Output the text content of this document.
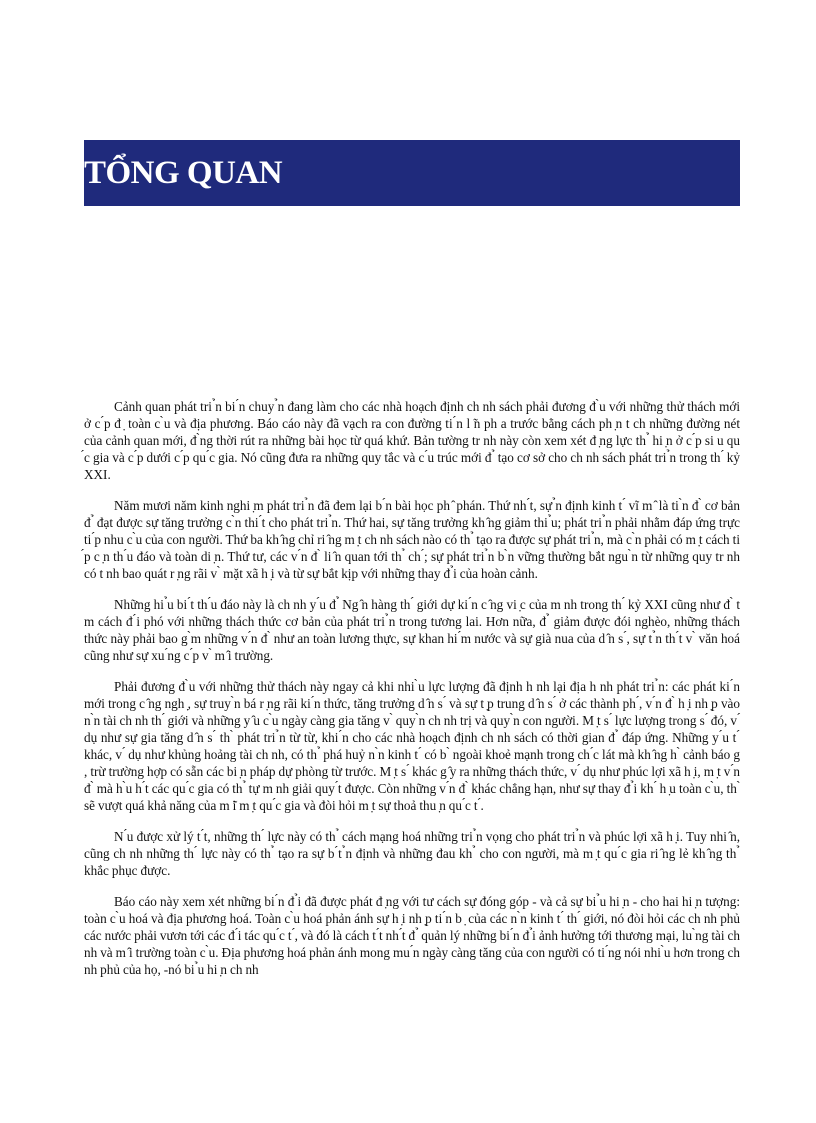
TỔNG QUAN

Cảnh quan phát tri ̉n bi ́n chuy ̉n đang làm cho các nhà hoạch định ch nh sách phải đương đ ̀u với những thử thách mới ở c ́p đ ̣ toàn c ̀u và địa phương. Báo cáo này đã vạch ra con đường ti ́n l ̃n ph a trước bằng cách ph ̣n t ch những đường nét của cảnh quan mới, đ ̀ng thời rút ra những bài học từ quá khứ. Bản tường tr nh này còn xem xét đ ̣ng lực th ̉ hi ̣n ở c ́p si u qu ́c gia và c ́p dưới c ́p qu ́c gia. Nó cũng đưa ra những quy tắc và c ́u trúc mới đ ̉ tạo cơ sở cho ch nh sách phát tri ̉n trong th ́ kỷ XXI.

Năm mươi năm kinh nghi ̣m phát tri ̉n đã đem lại b ́n bài học ph ̂ phán. Thứ nh ́t, sự ̉n định kinh t ́ vĩ m ̂ là ti ̀n đ ̀ cơ bản đ ̉ đạt được sự tăng trưởng c ̀n thi ́t cho phát tri ̉n. Thứ hai, sự tăng trưởng kh ̂ng giảm thi ̉u; phát tri ̉n phải nhằm đáp ứng trực ti ́p nhu c ̀u của con người. Thứ ba kh ̂ng chỉ ri ̂ng m ̣t ch nh sách nào có th ̉ tạo ra được sự phát tri ̉n, mà c ̀n phải có m ̣t cách ti ́p c ̣n th ́u đáo và toàn di ̣n. Thứ tư, các v ́n đ ̀ li ̂n quan tới th ̉ ch ́; sự phát tri ̉n b ̀n vững thường bắt ngu ̀n từ những quy tr nh có t nh bao quát r ̣ng rãi v ̀ mặt xã h ̣i và từ sự bắt kịp với những thay đ ̉i của hoàn cảnh.

Những hi ̉u bi ́t th ́u đáo này là ch nh y ́u đ ̉ Ng ̂n hàng th ́ giới dự ki ́n c ̂ng vi ̣c của m nh trong th ́ kỷ XXI cũng như đ ̀ t m cách đ ́i phó với những thách thức cơ bản của phát tri ̉n trong tương lai. Hơn nữa, đ ̉ giảm được đói nghèo, những thách thức này phải bao g ̀m những v ́n đ ̀ như an toàn lương thực, sự khan hi ́m nước và sự già nua của d ̂n s ́, sự t ̉n th ́t v ̀ văn hoá cũng như sự xu ́ng c ́p v ̀ m ̂i trường.

Phải đương đ ̀u với những thử thách này ngay cả khi nhi ̀u lực lượng đã định h nh lại địa h nh phát tri ̉n: các phát ki ́n mới trong c ̂ng ngh ̣, sự truy ̀n bá r ̣ng rãi ki ́n thức, tăng trưởng d ̂n s ́ và sự t ̣p trung d ̂n s ́ ở các thành ph ́, v ́n đ ̀ h ̣i nh ̣p vào n ̀n tài ch nh th ́ giới và những y ̂u c ̀u ngày càng gia tăng v ̀ quy ̀n ch nh trị và quy ̀n con người. M ̣t s ́ lực lượng trong s ́ đó, v ́ dụ như sự gia tăng d ̂n s ́ th ̀ phát tri ̉n từ từ, khi ́n cho các nhà hoạch định ch nh sách có thời gian đ ̉ đáp ứng. Những y ́u t ́ khác, v ́ dụ như khủng hoảng tài ch nh, có th ̉ phá huỷ n ̀n kinh t ́ có b ̀ ngoài khoẻ mạnh trong ch ́c lát mà kh ̂ng h ̀ cảnh báo g , trừ trường hợp có sẵn các bi ̣n pháp dự phòng từ trước. M ̣t s ́ khác g ̂y ra những thách thức, v ́ dụ như phúc lợi xã h ̣i, m ̣t v ́n đ ̀ mà h ̀u h ́t các qu ́c gia có th ̉ tự m nh giải quy ́t được. Còn những v ́n đ ̀ khác chẳng hạn, như sự thay đ ̉i kh ́ h ̣u toàn c ̀u, th ̀ sẽ vượt quá khả năng của m ̃i m ̣t qu ́c gia và đòi hỏi m ̣t sự thoả thu ̣n qu ́c t ́.

N ́u được xử lý t ́t, những th ́ lực này có th ̉ cách mạng hoá những tri ̉n vọng cho phát tri ̉n và phúc lợi xã h ̣i. Tuy nhi ̂n, cũng ch nh những th ́ lực này có th ̉ tạo ra sự b ́t ̉n định và những đau kh ̉ cho con người, mà m ̣t qu ́c gia ri ̂ng lẻ kh ̂ng th ̉ khắc phục được.

Báo cáo này xem xét những bi ́n đ ̉i đã được phát đ ̣ng với tư cách sự đóng góp - và cả sự bi ̉u hi ̣n - cho hai hi ̣n tượng: toàn c ̀u hoá và địa phương hoá. Toàn c ̀u hoá phản ánh sự h ̣i nh ̣p ti ́n b ̣ của các n ̀n kinh t ́ th ́ giới, nó đòi hỏi các ch nh phủ các nước phải vươn tới các đ ́i tác qu ́c t ́, và đó là cách t ́t nh ́t đ ̉ quản lý những bi ́n đ ̉i ảnh hưởng tới thương mại, lu ̀ng tài ch nh và m ̂i trường toàn c ̀u. Địa phương hoá phản ánh mong mu ́n ngày càng tăng của con người có ti ́ng nói nhi ̀u hơn trong ch nh phủ của họ, -nó bi ̉u hi ̣n ch nh
